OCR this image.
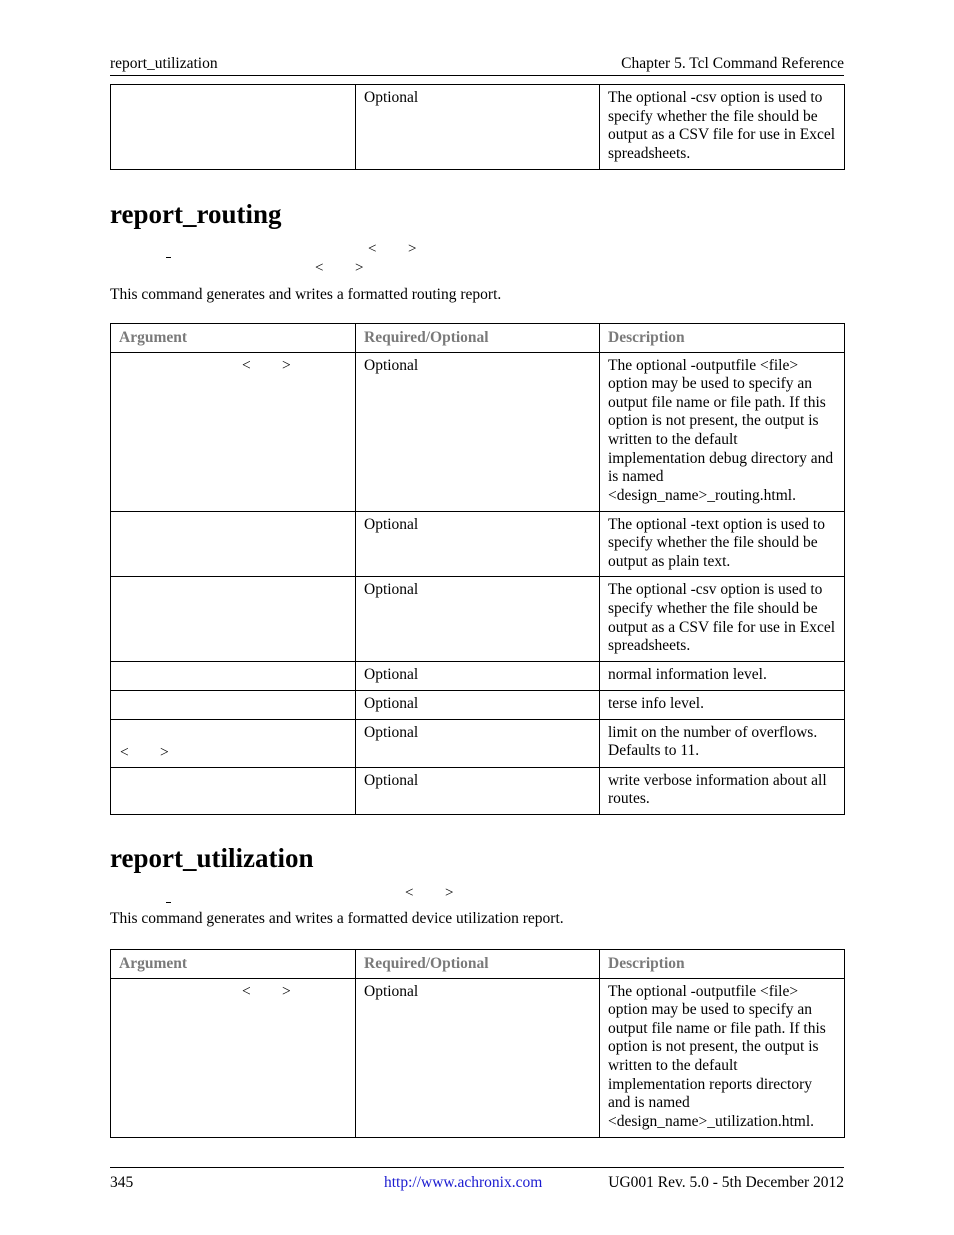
report_utilization	Chapter 5. Tcl Command Reference
	Optional	The optional -csv option is used to specify whether the file should be output as a CSV file for use in Excel spreadsheets.
report_routing
< >
< >

This command generates and writes a formatted routing report.

Argument	Required/Optional	Description

< >	Optional	The optional -outputfile <file> option may be used to specify an output file name or file path. If this option is not present, the output is written to the default implementation debug directory and is named <design_name>_routing.html.
	Optional	The optional -text option is used to specify whether the file should be output as plain text.
	Optional	The optional -csv option is used to specify whether the file should be output as a CSV file for use in Excel spreadsheets.
	Optional	normal information level.
	Optional	terse info level.

< >	Optional	limit on the number of overflows. Defaults to 11.
	Optional	write verbose information about all routes.
report_utilization
< >

This command generates and writes a formatted device utilization report.

Argument	Required/Optional	Description

< >	Optional	The optional -outputfile <file> option may be used to specify an output file name or file path. If this option is not present, the output is written to the default implementation reports directory and is named <design_name>_utilization.html.
345	http://www.achronix.com	UG001 Rev. 5.0 - 5th December 2012
